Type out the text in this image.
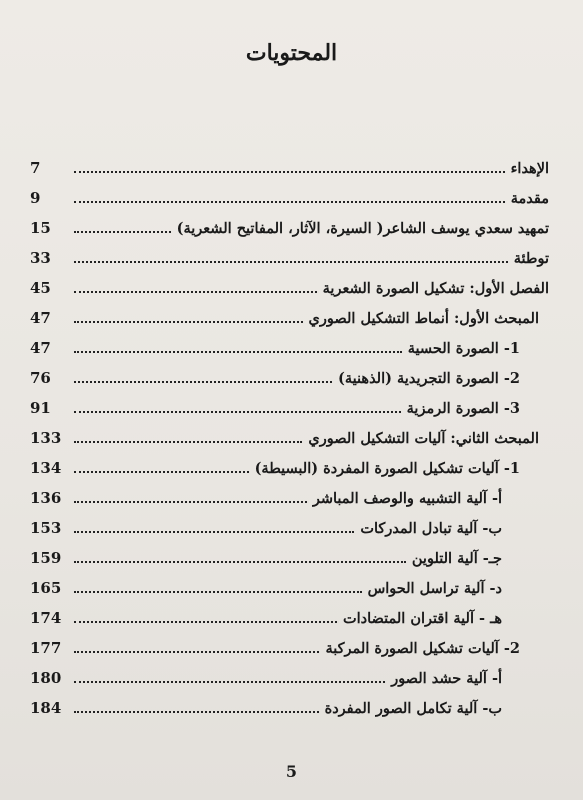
المحتويات
7	الإهداء
9	مقدمة
15	تمهيد سعدي يوسف الشاعر( السيرة، الآثار، المفاتيح الشعرية)
33	توطئة
45	الفصل الأول: تشكيل الصورة الشعرية
47	المبحث الأول: أنماط التشكيل الصوري
47	1- الصورة الحسية
76	2- الصورة التجريدية (الذهنية)
91	3- الصورة الرمزية
133	المبحث الثاني: آليات التشكيل الصوري
134	1- آليات تشكيل الصورة المفردة (البسيطة)
136	أ- آلية التشبيه والوصف المباشر
153	ب- آلية تبادل المدركات
159	جـ- آلية التلوين
165	د- آلية تراسل الحواس
174	هـ - آلية اقتران المتضادات
177	2- آليات تشكيل الصورة المركبة
180	أ- آلية حشد الصور
184	ب- آلية تكامل الصور المفردة
5
